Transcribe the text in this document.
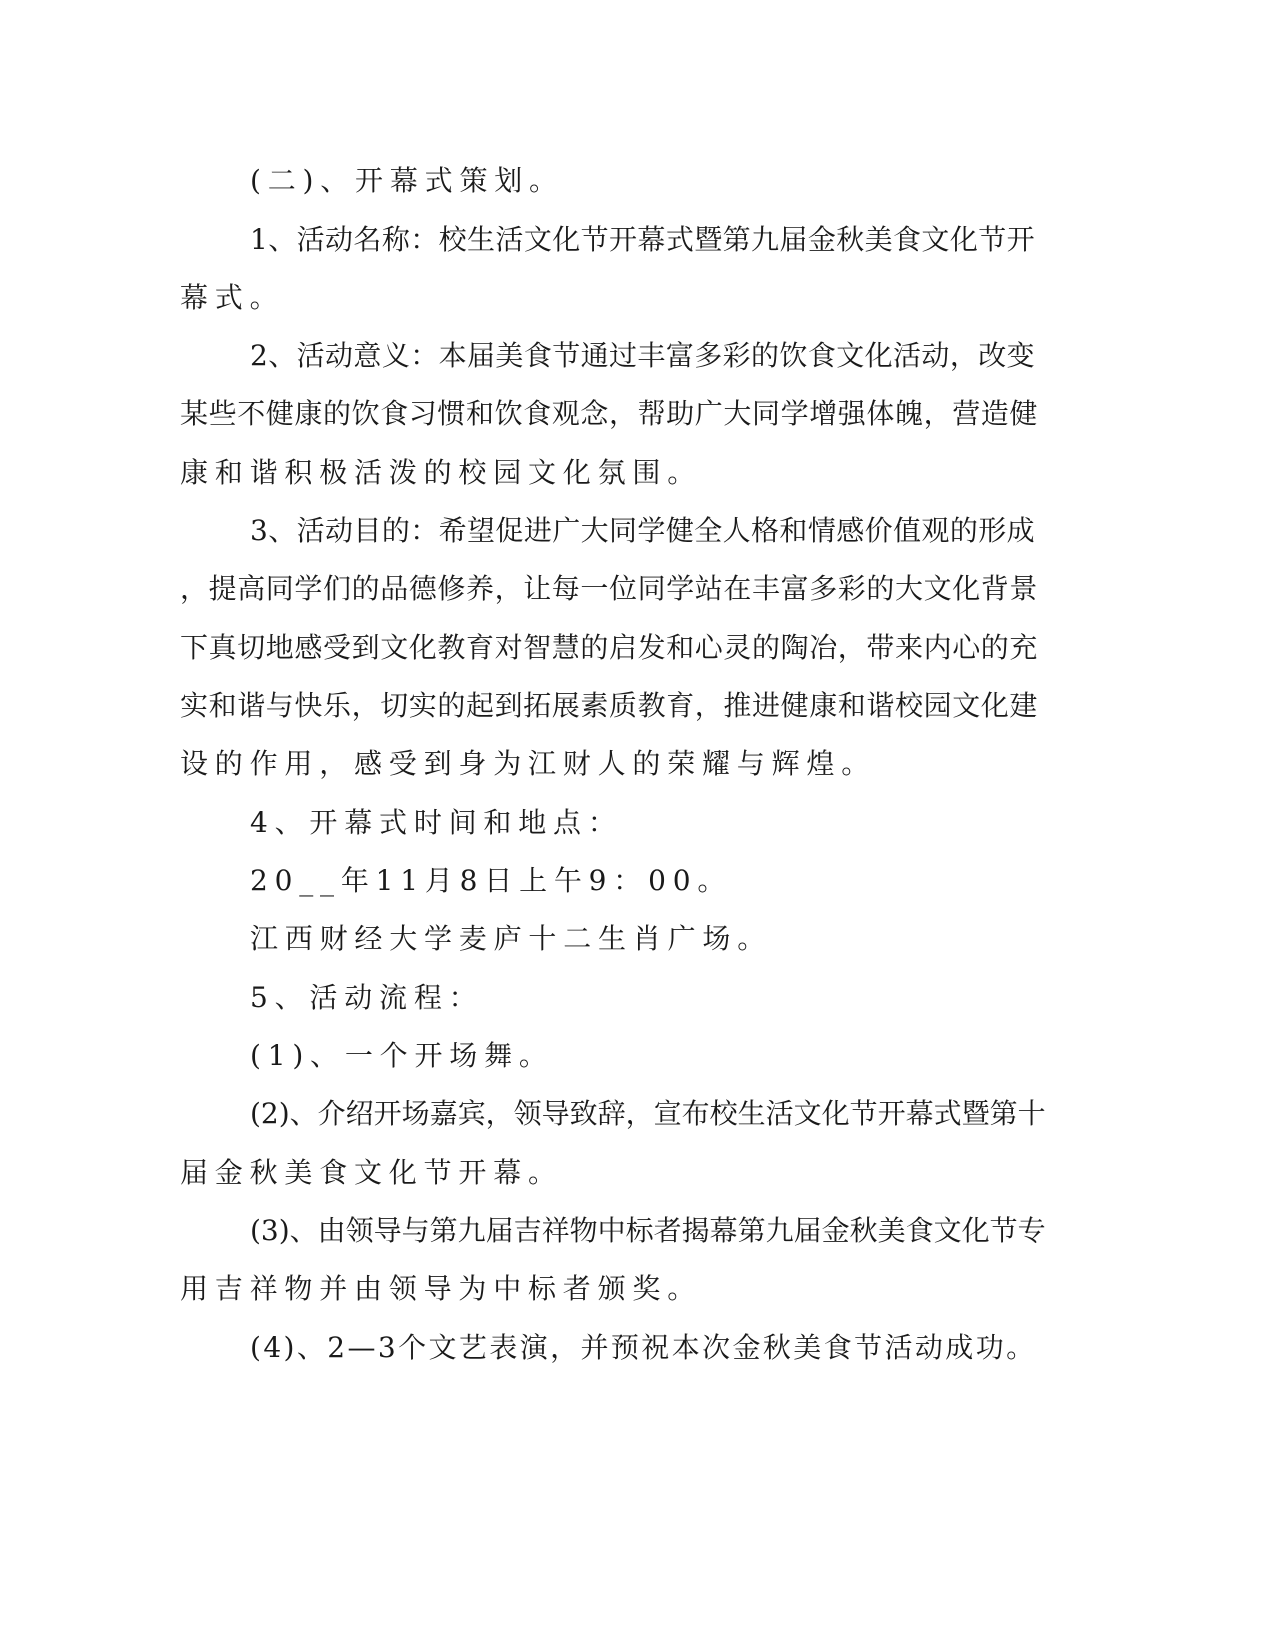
(二)、开幕式策划。

1、活动名称：校生活文化节开幕式暨第九届金秋美食文化节开

幕式。

2、活动意义：本届美食节通过丰富多彩的饮食文化活动，改变

某些不健康的饮食习惯和饮食观念，帮助广大同学增强体魄，营造健

康和谐积极活泼的校园文化氛围。

3、活动目的：希望促进广大同学健全人格和情感价值观的形成

，提高同学们的品德修养，让每一位同学站在丰富多彩的大文化背景

下真切地感受到文化教育对智慧的启发和心灵的陶冶，带来内心的充

实和谐与快乐，切实的起到拓展素质教育，推进健康和谐校园文化建

设的作用，感受到身为江财人的荣耀与辉煌。

4、开幕式时间和地点：

20__年11月8日上午9：00。

江西财经大学麦庐十二生肖广场。

5、活动流程：

(1)、一个开场舞。

(2)、介绍开场嘉宾，领导致辞，宣布校生活文化节开幕式暨第十

届金秋美食文化节开幕。

(3)、由领导与第九届吉祥物中标者揭幕第九届金秋美食文化节专

用吉祥物并由领导为中标者颁奖。

(4)、2—3个文艺表演，并预祝本次金秋美食节活动成功。
